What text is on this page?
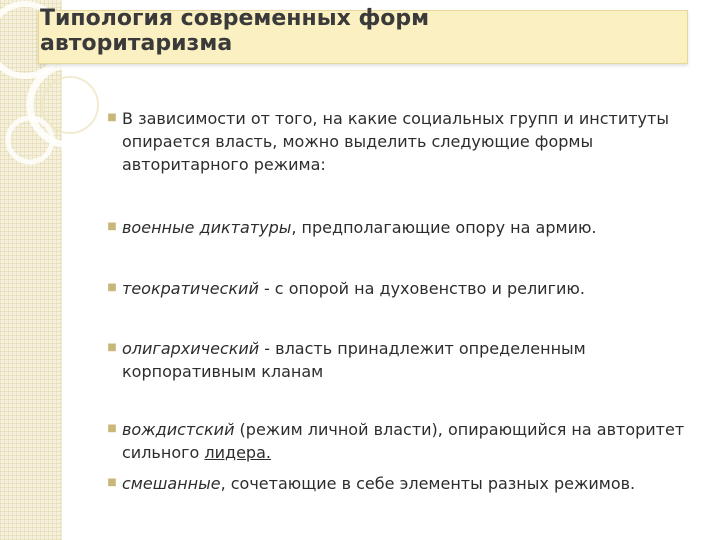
Типология современных форм авторитаризма
■ В зависимости от того, на какие социальных групп и институты опирается власть, можно выделить следующие формы авторитарного режима:
■ военные диктатуры, предполагающие опору на армию.
■ теократический - с опорой на духовенство и религию.
■ олигархический - власть принадлежит определенным корпоративным кланам
■ вождистский (режим личной власти), опирающийся на авторитет сильного лидера.
■ смешанные, сочетающие в себе элементы разных режимов.
